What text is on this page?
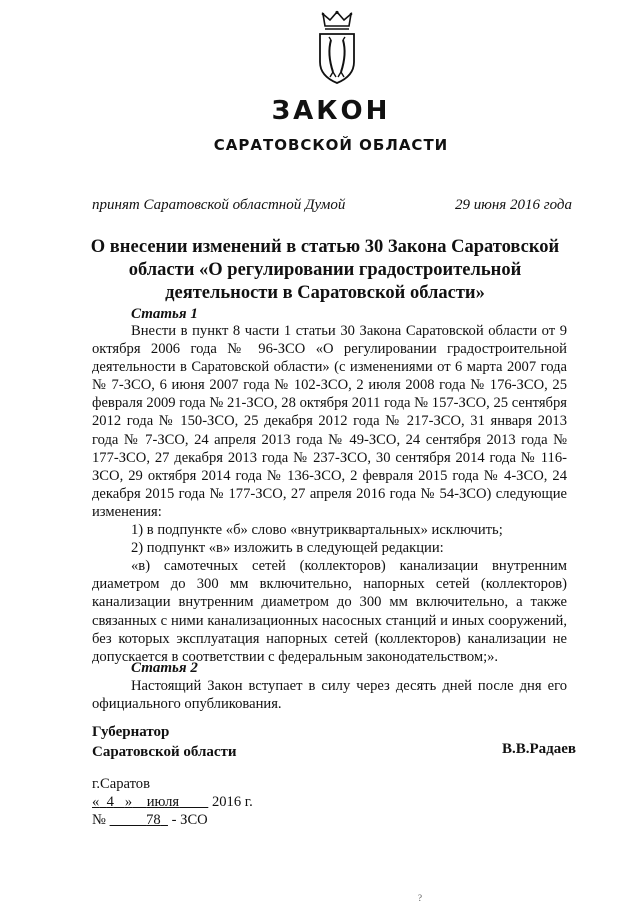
ЗАКОН
САРАТОВСКОЙ ОБЛАСТИ
принят Саратовской областной Думой	29 июня 2016 года
О внесении изменений в статью 30 Закона Саратовской
области «О регулировании градостроительной
деятельности в Саратовской области»
Статья 1

Внести в пункт 8 части 1 статьи 30 Закона Саратовской области от 9 октября 2006 года № 96-ЗСО «О регулировании градостроительной деятельности в Саратовской области» (с изменениями от 6 марта 2007 года № 7-ЗСО, 6 июня 2007 года № 102-ЗСО, 2 июля 2008 года № 176-ЗСО, 25 февраля 2009 года № 21-ЗСО, 28 октября 2011 года № 157-ЗСО, 25 сентября 2012 года № 150-ЗСО, 25 декабря 2012 года № 217-ЗСО, 31 января 2013 года № 7-ЗСО, 24 апреля 2013 года № 49-ЗСО, 24 сентября 2013 года № 177-ЗСО, 27 декабря 2013 года № 237-ЗСО, 30 сентября 2014 года № 116-ЗСО, 29 октября 2014 года № 136-ЗСО, 2 февраля 2015 года № 4-ЗСО, 24 декабря 2015 года № 177-ЗСО, 27 апреля 2016 года № 54-ЗСО) следующие изменения:

1) в подпункте «б» слово «внутриквартальных» исключить;

2) подпункт «в» изложить в следующей редакции:

«в) самотечных сетей (коллекторов) канализации внутренним диаметром до 300 мм включительно, напорных сетей (коллекторов) канализации внутренним диаметром до 300 мм включительно, а также связанных с ними канализационных насосных станций и иных сооружений, без которых эксплуатация напорных сетей (коллекторов) канализации не допускается в соответствии с федеральным законодательством;».

Статья 2

Настоящий Закон вступает в силу через десять дней после дня его официального опубликования.

Губернатор
Саратовской области	В.В.Радаев
г.Саратов
« 4 » июля 2016 г.
№	78 - ЗСО
?
